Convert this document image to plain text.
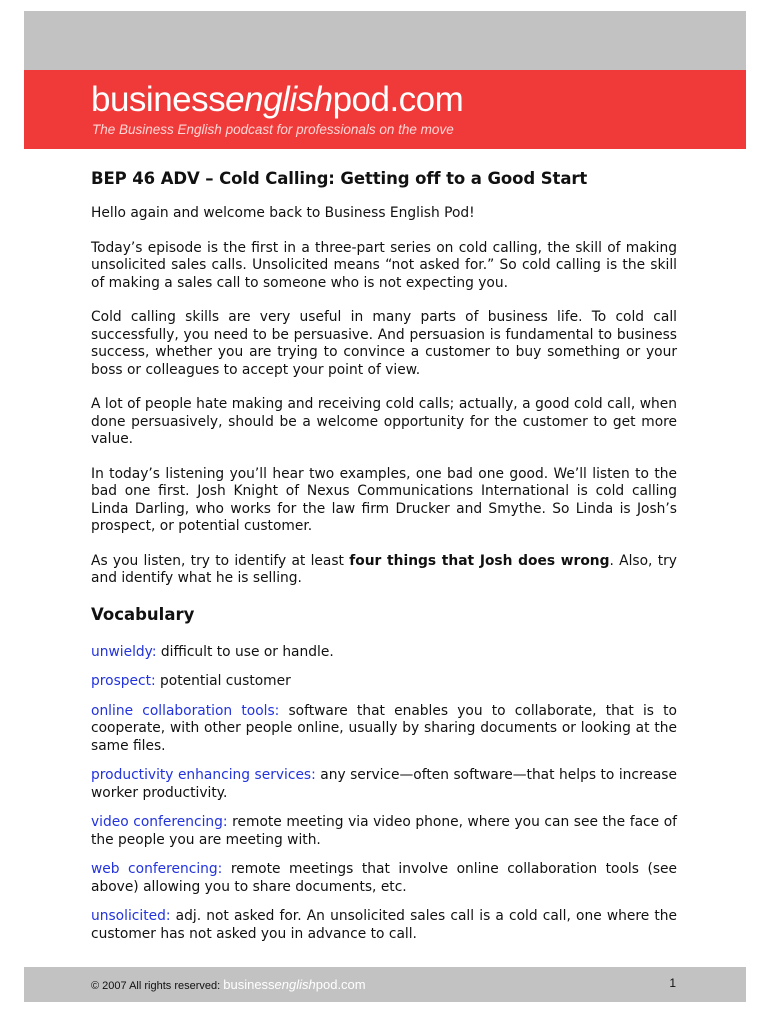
businessenglishpod.com
The Business English podcast for professionals on the move
BEP 46 ADV – Cold Calling: Getting off to a Good Start

Hello again and welcome back to Business English Pod!

Today’s episode is the first in a three-part series on cold calling, the skill of making unsolicited sales calls. Unsolicited means “not asked for.” So cold calling is the skill of making a sales call to someone who is not expecting you.

Cold calling skills are very useful in many parts of business life. To cold call successfully, you need to be persuasive. And persuasion is fundamental to business success, whether you are trying to convince a customer to buy something or your boss or colleagues to accept your point of view.

A lot of people hate making and receiving cold calls; actually, a good cold call, when done persuasively, should be a welcome opportunity for the customer to get more value.

In today’s listening you’ll hear two examples, one bad one good. We’ll listen to the bad one first. Josh Knight of Nexus Communications International is cold calling Linda Darling, who works for the law firm Drucker and Smythe. So Linda is Josh’s prospect, or potential customer.

As you listen, try to identify at least four things that Josh does wrong. Also, try and identify what he is selling.

Vocabulary

unwieldy: difficult to use or handle.

prospect: potential customer

online collaboration tools: software that enables you to collaborate, that is to cooperate, with other people online, usually by sharing documents or looking at the same files.

productivity enhancing services: any service—often software—that helps to increase worker productivity.

video conferencing: remote meeting via video phone, where you can see the face of the people you are meeting with.

web conferencing: remote meetings that involve online collaboration tools (see above) allowing you to share documents, etc.

unsolicited: adj. not asked for. An unsolicited sales call is a cold call, one where the customer has not asked you in advance to call.

© 2007 All rights reserved: businessenglishpod.com	1
